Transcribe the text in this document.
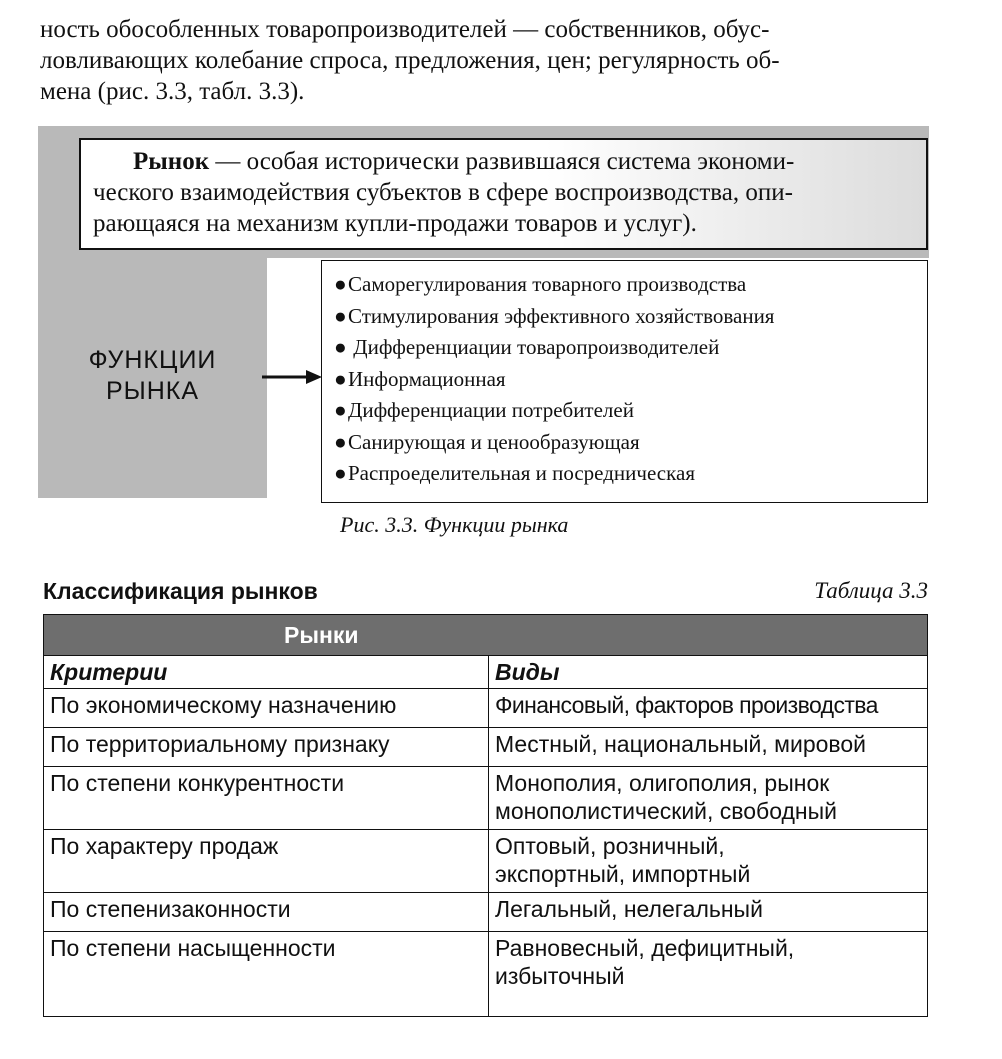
ность обособленных товаропроизводителей — собственников, обус-
ловливающих колебание спроса, предложения, цен; регулярность об-
мена (рис. 3.3, табл. 3.3).
Рынок — особая исторически развившаяся система экономи-
ческого взаимодействия субъектов в сфере воспроизводства, опи-
рающаяся на механизм купли-продажи товаров и услуг).
ФУНКЦИИ
РЫНКА
●Саморегулирования товарного производства
●Стимулирования эффективного хозяйствования
● Дифференциации товаропроизводителей
●Информационная
●Дифференциации потребителей
●Санирующая и ценообразующая
●Распроеделительная и посредническая
Рис. 3.3. Функции рынка
Классификация рынков	Таблица 3.3
Рынки	
Критерии	Виды
По экономическому назначению	Финансовый, факторов производства
По территориальному признаку	Местный, национальный, мировой
По степени конкурентности	Монополия, олигополия, рынок
монополистический, свободный
По характеру продаж	Оптовый, розничный,
экспортный, импортный
По степенизаконности	Легальный, нелегальный
По степени насыщенности	Равновесный, дефицитный,
избыточный
